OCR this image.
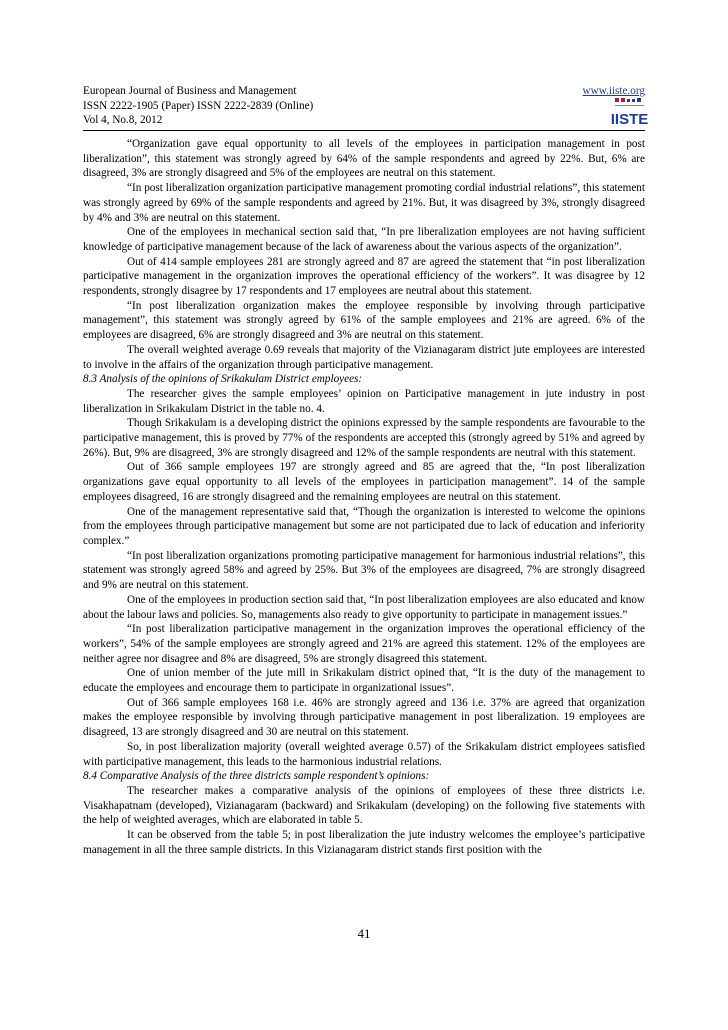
European Journal of Business and Management	www.iiste.org
ISSN 2222-1905 (Paper) ISSN 2222-2839 (Online)
Vol 4, No.8, 2012	IISTE

“Organization gave equal opportunity to all levels of the employees in participation management in post liberalization”, this statement was strongly agreed by 64% of the sample respondents and agreed by 22%. But, 6% are disagreed, 3% are strongly disagreed and 5% of the employees are neutral on this statement.

“In post liberalization organization participative management promoting cordial industrial relations”, this statement was strongly agreed by 69% of the sample respondents and agreed by 21%. But, it was disagreed by 3%, strongly disagreed by 4% and 3% are neutral on this statement.

One of the employees in mechanical section said that, “In pre liberalization employees are not having sufficient knowledge of participative management because of the lack of awareness about the various aspects of the organization”.

Out of 414 sample employees 281 are strongly agreed and 87 are agreed the statement that “in post liberalization participative management in the organization improves the operational efficiency of the workers”. It was disagree by 12 respondents, strongly disagree by 17 respondents and 17 employees are neutral about this statement.

“In post liberalization organization makes the employee responsible by involving through participative management”, this statement was strongly agreed by 61% of the sample employees and 21% are agreed. 6% of the employees are disagreed, 6% are strongly disagreed and 3% are neutral on this statement.

The overall weighted average 0.69 reveals that majority of the Vizianagaram district jute employees are interested to involve in the affairs of the organization through participative management.

8.3 Analysis of the opinions of Srikakulam District employees:

The researcher gives the sample employees’ opinion on Participative management in jute industry in post liberalization in Srikakulam District in the table no. 4.

Though Srikakulam is a developing district the opinions expressed by the sample respondents are favourable to the participative management, this is proved by 77% of the respondents are accepted this (strongly agreed by 51% and agreed by 26%). But, 9% are disagreed, 3% are strongly disagreed and 12% of the sample respondents are neutral with this statement.

Out of 366 sample employees 197 are strongly agreed and 85 are agreed that the, “In post liberalization organizations gave equal opportunity to all levels of the employees in participation management”. 14 of the sample employees disagreed, 16 are strongly disagreed and the remaining employees are neutral on this statement.

One of the management representative said that, “Though the organization is interested to welcome the opinions from the employees through participative management but some are not participated due to lack of education and inferiority complex.”

“In post liberalization organizations promoting participative management for harmonious industrial relations”, this statement was strongly agreed 58% and agreed by 25%. But 3% of the employees are disagreed, 7% are strongly disagreed and 9% are neutral on this statement.

One of the employees in production section said that, “In post liberalization employees are also educated and know about the labour laws and policies. So, managements also ready to give opportunity to participate in management issues.”

“In post liberalization participative management in the organization improves the operational efficiency of the workers”, 54% of the sample employees are strongly agreed and 21% are agreed this statement. 12% of the employees are neither agree nor disagree and 8% are disagreed, 5% are strongly disagreed this statement.

One of union member of the jute mill in Srikakulam district opined that, “It is the duty of the management to educate the employees and encourage them to participate in organizational issues”.

Out of 366 sample employees 168 i.e. 46% are strongly agreed and 136 i.e. 37% are agreed that organization makes the employee responsible by involving through participative management in post liberalization. 19 employees are disagreed, 13 are strongly disagreed and 30 are neutral on this statement.

So, in post liberalization majority (overall weighted average 0.57) of the Srikakulam district employees satisfied with participative management, this leads to the harmonious industrial relations.

8.4 Comparative Analysis of the three districts sample respondent’s opinions:

The researcher makes a comparative analysis of the opinions of employees of these three districts i.e. Visakhapatnam (developed), Vizianagaram (backward) and Srikakulam (developing) on the following five statements with the help of weighted averages, which are elaborated in table 5.

It can be observed from the table 5; in post liberalization the jute industry welcomes the employee’s participative management in all the three sample districts. In this Vizianagaram district stands first position with the

41
